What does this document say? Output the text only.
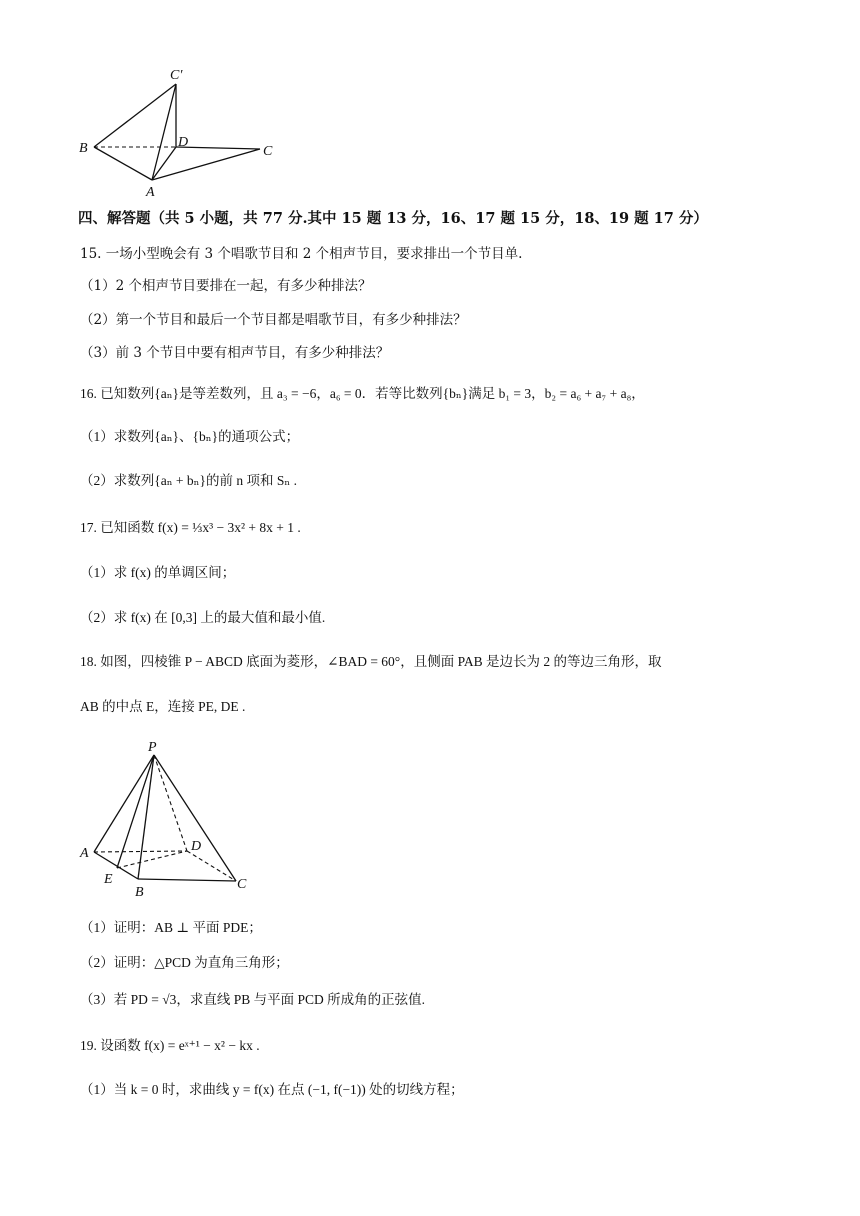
C′
B	D
C
A
四、解答题（共 5 小题，共 77 分.其中 15 题 13 分，16、17 题 15 分，18、19 题 17 分）
15. 一场小型晚会有 3 个唱歌节目和 2 个相声节目，要求排出一个节目单.
（1）2 个相声节目要排在一起，有多少种排法？
（2）第一个节目和最后一个节目都是唱歌节目，有多少种排法？
（3）前 3 个节目中要有相声节目，有多少种排法？
16. 已知数列{aₙ}是等差数列，且 a₃ = −6，a₆ = 0．若等比数列{bₙ}满足 b₁ = 3，b₂ = a₆ + a₇ + a₈，
（1）求数列{aₙ}、{bₙ}的通项公式；
（2）求数列{aₙ + bₙ}的前 n 项和 Sₙ .
17. 已知函数 f(x) = ⅓x³ − 3x² + 8x + 1 .
（1）求 f(x) 的单调区间；
（2）求 f(x) 在 [0,3] 上的最大值和最小值.
18. 如图，四棱锥 P − ABCD 底面为菱形，∠BAD = 60°，且侧面 PAB 是边长为 2 的等边三角形，取
AB 的中点 E，连接 PE, DE .
P
A	D
E
B
C
（1）证明：AB ⊥ 平面 PDE；
（2）证明：△PCD 为直角三角形；
（3）若 PD = √3，求直线 PB 与平面 PCD 所成角的正弦值.
19. 设函数 f(x) = eˣ⁺¹ − x² − kx .
（1）当 k = 0 时，求曲线 y = f(x) 在点 (−1, f(−1)) 处的切线方程；
